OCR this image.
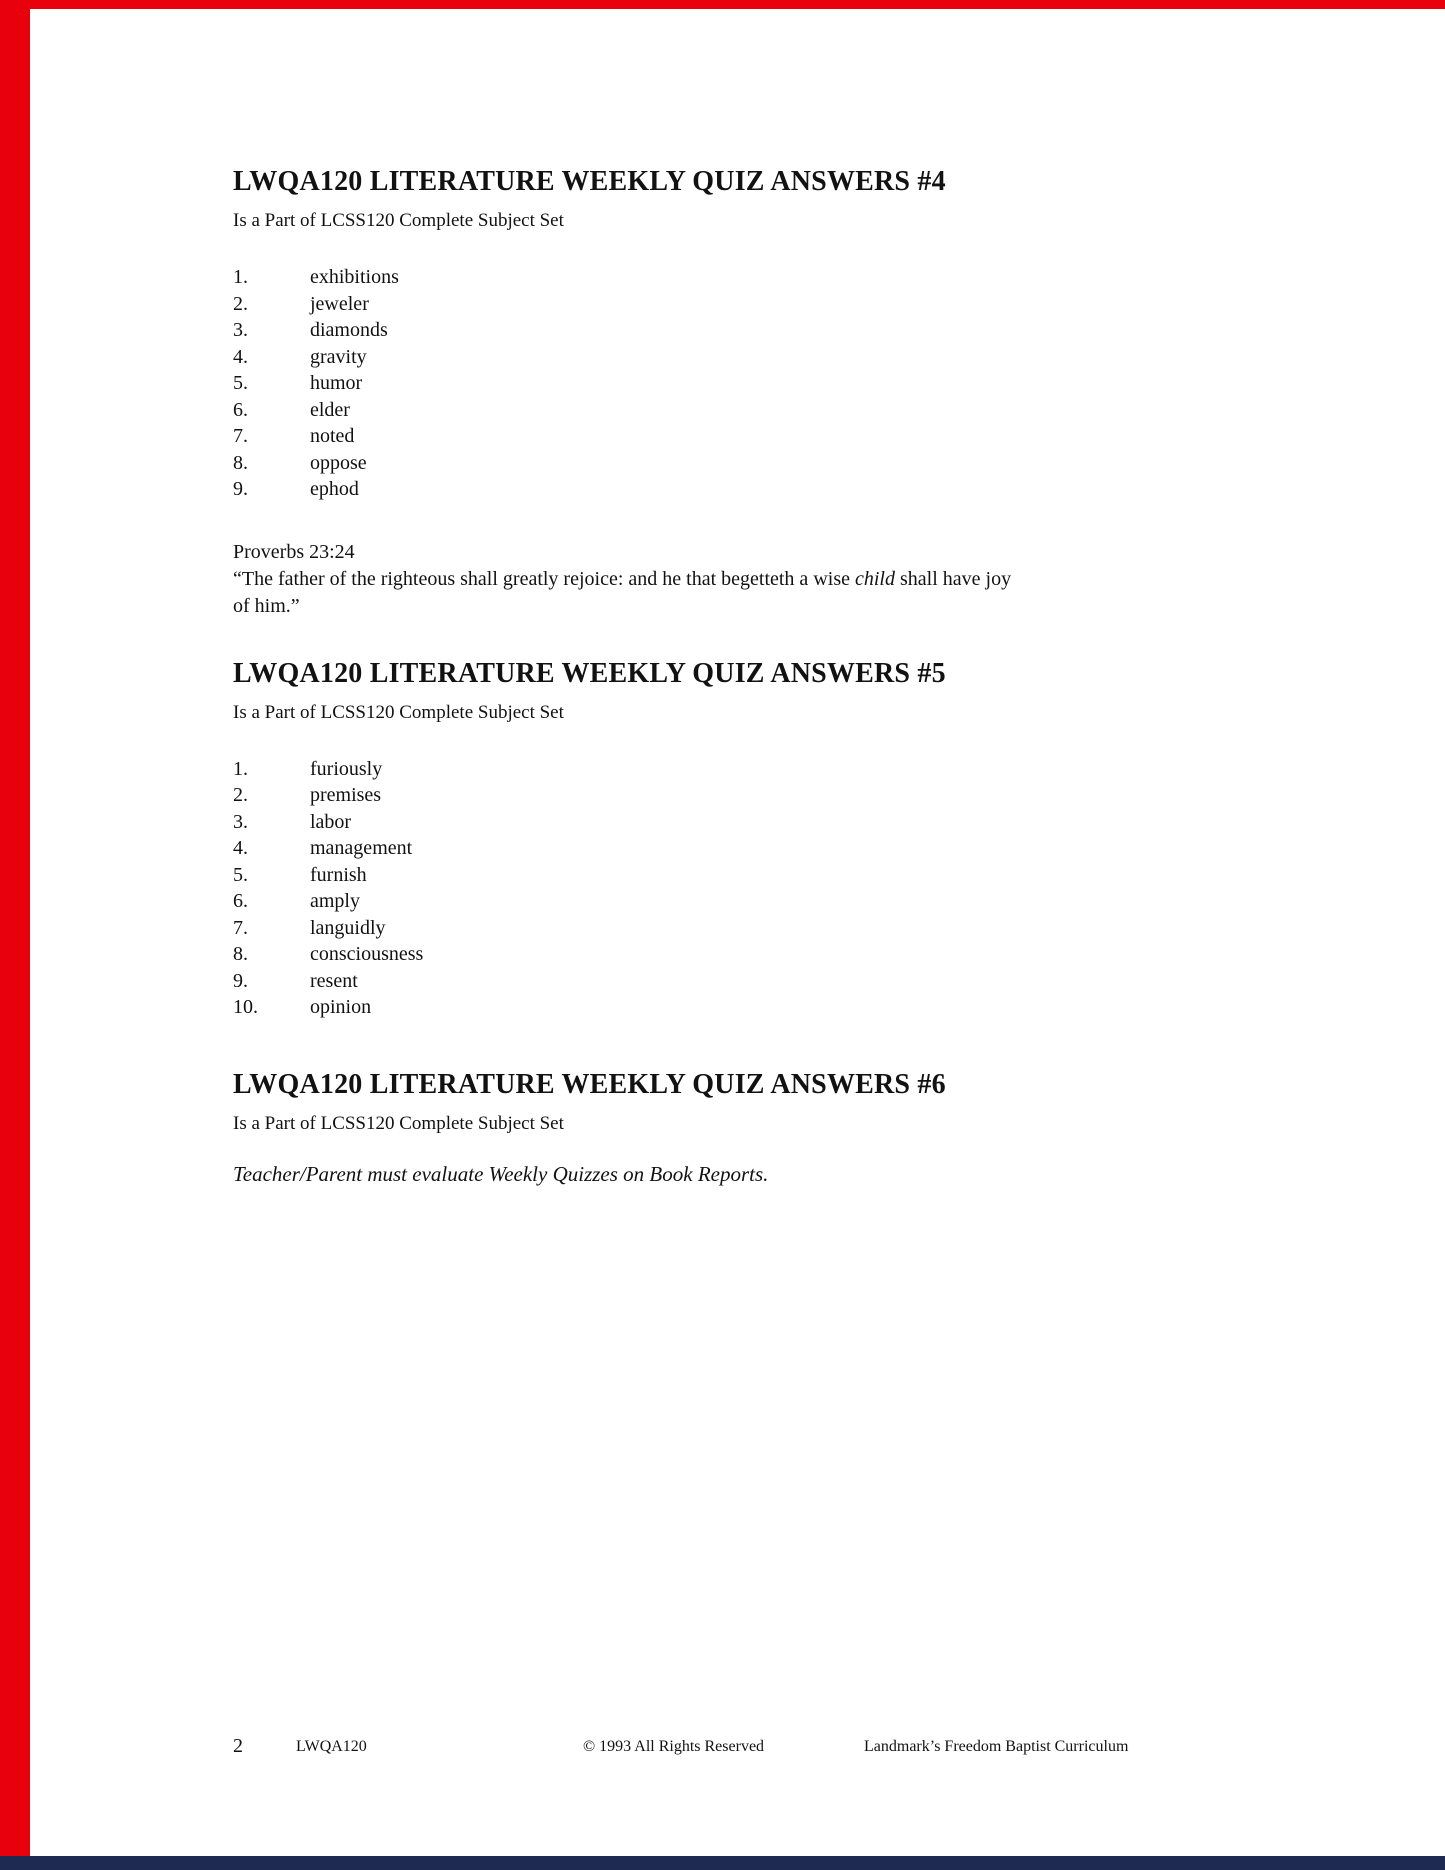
LWQA120 LITERATURE WEEKLY QUIZ ANSWERS #4
Is a Part of LCSS120 Complete Subject Set
1.	exhibitions
2.	jeweler
3.	diamonds
4.	gravity
5.	humor
6.	elder
7.	noted
8.	oppose
9.	ephod
Proverbs 23:24
“The father of the righteous shall greatly rejoice: and he that begetteth a wise child shall have joy
of him.”
LWQA120 LITERATURE WEEKLY QUIZ ANSWERS #5
Is a Part of LCSS120 Complete Subject Set
1.	furiously
2.	premises
3.	labor
4.	management
5.	furnish
6.	amply
7.	languidly
8.	consciousness
9.	resent
10.	opinion
LWQA120 LITERATURE WEEKLY QUIZ ANSWERS #6
Is a Part of LCSS120 Complete Subject Set
Teacher/Parent must evaluate Weekly Quizzes on Book Reports.
2	LWQA120	© 1993 All Rights Reserved	Landmark’s Freedom Baptist Curriculum
